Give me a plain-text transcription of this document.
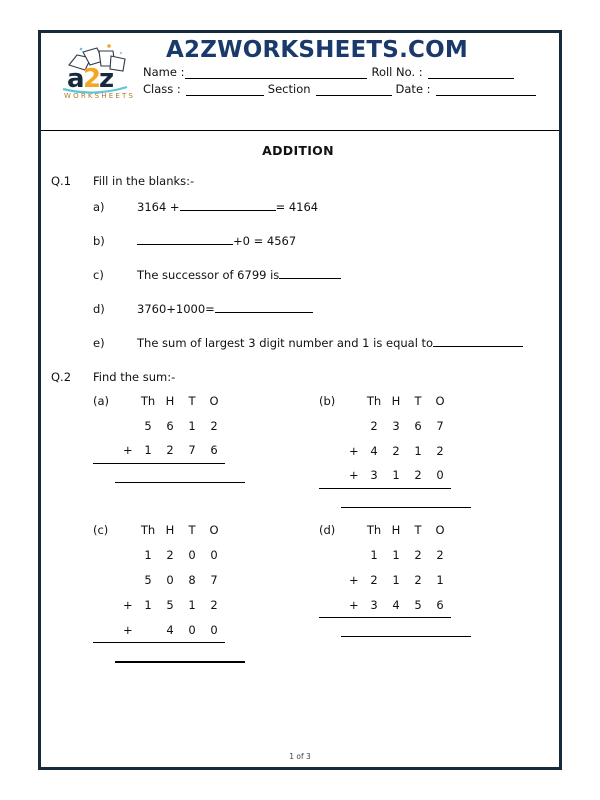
A2ZWORKSHEETS.COM
a
2
z
WORKSHEETS
Name :	Roll No. :
Class :	Section	Date :
ADDITION
Q.1	Fill in the blanks:-
a)	3164 +	= 4164
b)	+0 = 4567
c)	The successor of 6799 is
d)	3760+1000=
e)	The sum of largest 3 digit number and 1 is equal to
Q.2	Find the sum:-
(a)		Th	H	T	O
		5	6	1	2
	+	1	2	7	6
(b)		Th	H	T	O
		2	3	6	7
	+	4	2	1	2
	+	3	1	2	0
(c)		Th	H	T	O
		1	2	0	0
		5	0	8	7
	+	1	5	1	2
	+		4	0	0
(d)		Th	H	T	O
		1	1	2	2
	+	2	1	2	1
	+	3	4	5	6
1 of 3
